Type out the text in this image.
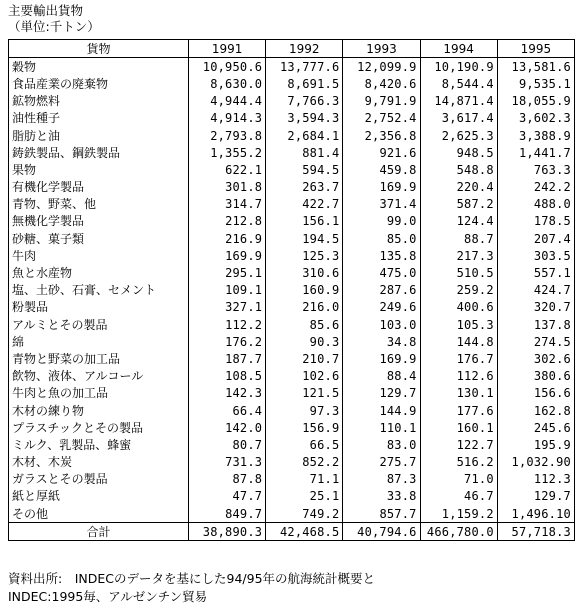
主要輸出貨物
（単位:千トン）
貨物	1991	1992	1993	1994	1995
穀物	10,950.6	13,777.6	12,099.9	10,190.9	13,581.6
食品産業の廃棄物	8,630.0	8,691.5	8,420.6	8,544.4	9,535.1
鉱物燃料	4,944.4	7,766.3	9,791.9	14,871.4	18,055.9
油性種子	4,914.3	3,594.3	2,752.4	3,617.4	3,602.3
脂肪と油	2,793.8	2,684.1	2,356.8	2,625.3	3,388.9
鋳鉄製品、鋼鉄製品	1,355.2	881.4	921.6	948.5	1,441.7
果物	622.1	594.5	459.8	548.8	763.3
有機化学製品	301.8	263.7	169.9	220.4	242.2
青物、野菜、他	314.7	422.7	371.4	587.2	488.0
無機化学製品	212.8	156.1	99.0	124.4	178.5
砂糖、菓子類	216.9	194.5	85.0	88.7	207.4
牛肉	169.9	125.3	135.8	217.3	303.5
魚と水産物	295.1	310.6	475.0	510.5	557.1
塩、土砂、石膏、セメント	109.1	160.9	287.6	259.2	424.7
粉製品	327.1	216.0	249.6	400.6	320.7
アルミとその製品	112.2	85.6	103.0	105.3	137.8
綿	176.2	90.3	34.8	144.8	274.5
青物と野菜の加工品	187.7	210.7	169.9	176.7	302.6
飲物、液体、アルコール	108.5	102.6	88.4	112.6	380.6
牛肉と魚の加工品	142.3	121.5	129.7	130.1	156.6
木材の練り物	66.4	97.3	144.9	177.6	162.8
プラスチックとその製品	142.0	156.9	110.1	160.1	245.6
ミルク、乳製品、蜂蜜	80.7	66.5	83.0	122.7	195.9
木材、木炭	731.3	852.2	275.7	516.2	1,032.90
ガラスとその製品	87.8	71.1	87.3	71.0	112.3
紙と厚紙	47.7	25.1	33.8	46.7	129.7
その他	849.7	749.2	857.7	1,159.2	1,496.10
合計	38,890.3	42,468.5	40,794.6	466,780.0	57,718.3
資料出所:　INDECのデータを基にした94/95年の航海統計概要と
INDEC:1995毎、アルゼンチン貿易
